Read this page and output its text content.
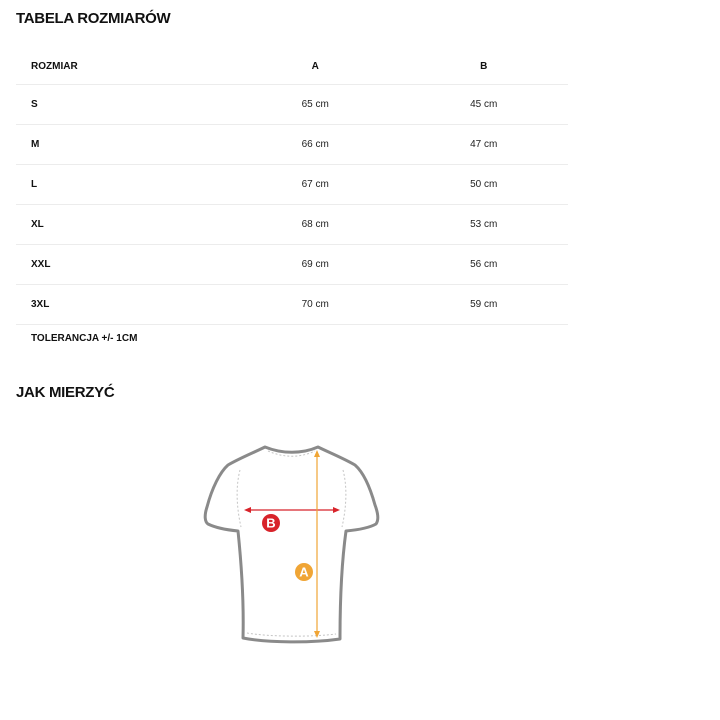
TABELA ROZMIARÓW
ROZMIAR	A	B
S	65 cm	45 cm
M	66 cm	47 cm
L	67 cm	50 cm
XL	68 cm	53 cm
XXL	69 cm	56 cm
3XL	70 cm	59 cm

TOLERANCJA +/- 1CM

JAK MIERZYĆ
B
A
